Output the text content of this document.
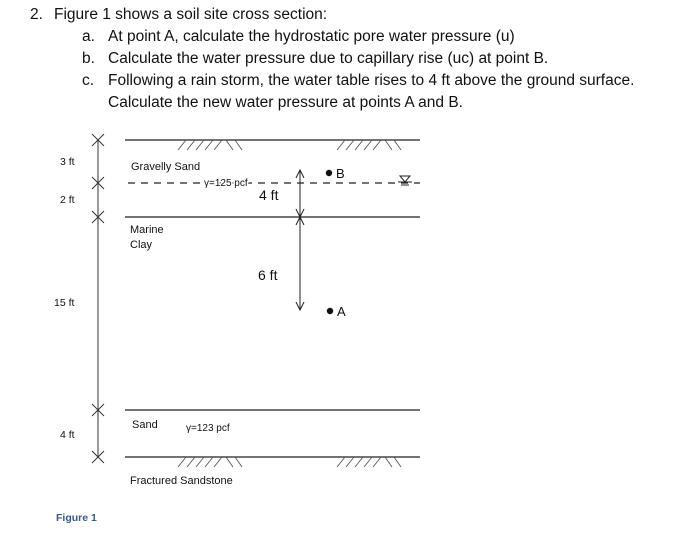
2. Figure 1 shows a soil site cross section:
a. At point A, calculate the hydrostatic pore water pressure (u)
b. Calculate the water pressure due to capillary rise (uc) at point B.
c. Following a rain storm, the water table rises to 4 ft above the ground surface.
Calculate the new water pressure at points A and B.
3 ft
2 ft
15 ft
4 ft
Gravelly Sand
γ=125 pcf
Marine
Clay
Sand	γ=123 pcf
Fractured Sandstone
4 ft
6 ft
B
A
Figure 1
